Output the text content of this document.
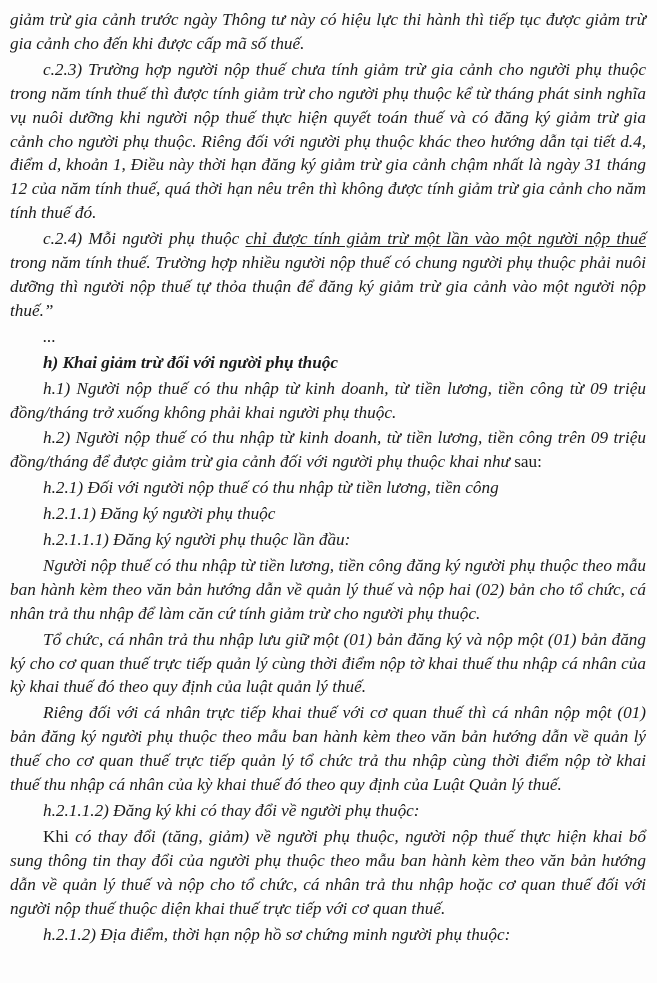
giảm trừ gia cảnh trước ngày Thông tư này có hiệu lực thi hành thì tiếp tục được giảm trừ gia cảnh cho đến khi được cấp mã số thuế.

c.2.3) Trường hợp người nộp thuế chưa tính giảm trừ gia cảnh cho người phụ thuộc trong năm tính thuế thì được tính giảm trừ cho người phụ thuộc kể từ tháng phát sinh nghĩa vụ nuôi dưỡng khi người nộp thuế thực hiện quyết toán thuế và có đăng ký giảm trừ gia cảnh cho người phụ thuộc. Riêng đối với người phụ thuộc khác theo hướng dẫn tại tiết d.4, điểm d, khoản 1, Điều này thời hạn đăng ký giảm trừ gia cảnh chậm nhất là ngày 31 tháng 12 của năm tính thuế, quá thời hạn nêu trên thì không được tính giảm trừ gia cảnh cho năm tính thuế đó.

c.2.4) Mỗi người phụ thuộc chỉ được tính giảm trừ một lần vào một người nộp thuế trong năm tính thuế. Trường hợp nhiều người nộp thuế có chung người phụ thuộc phải nuôi dưỡng thì người nộp thuế tự thỏa thuận để đăng ký giảm trừ gia cảnh vào một người nộp thuế.”

...

h) Khai giảm trừ đối với người phụ thuộc

h.1) Người nộp thuế có thu nhập từ kinh doanh, từ tiền lương, tiền công từ 09 triệu đồng/tháng trở xuống không phải khai người phụ thuộc.

h.2) Người nộp thuế có thu nhập từ kinh doanh, từ tiền lương, tiền công trên 09 triệu đồng/tháng để được giảm trừ gia cảnh đối với người phụ thuộc khai như sau:

h.2.1) Đối với người nộp thuế có thu nhập từ tiền lương, tiền công

h.2.1.1) Đăng ký người phụ thuộc

h.2.1.1.1) Đăng ký người phụ thuộc lần đầu:

Người nộp thuế có thu nhập từ tiền lương, tiền công đăng ký người phụ thuộc theo mẫu ban hành kèm theo văn bản hướng dẫn về quản lý thuế và nộp hai (02) bản cho tổ chức, cá nhân trả thu nhập để làm căn cứ tính giảm trừ cho người phụ thuộc.

Tổ chức, cá nhân trả thu nhập lưu giữ một (01) bản đăng ký và nộp một (01) bản đăng ký cho cơ quan thuế trực tiếp quản lý cùng thời điểm nộp tờ khai thuế thu nhập cá nhân của kỳ khai thuế đó theo quy định của luật quản lý thuế.

Riêng đối với cá nhân trực tiếp khai thuế với cơ quan thuế thì cá nhân nộp một (01) bản đăng ký người phụ thuộc theo mẫu ban hành kèm theo văn bản hướng dẫn về quản lý thuế cho cơ quan thuế trực tiếp quản lý tổ chức trả thu nhập cùng thời điểm nộp tờ khai thuế thu nhập cá nhân của kỳ khai thuế đó theo quy định của Luật Quản lý thuế.

h.2.1.1.2) Đăng ký khi có thay đổi về người phụ thuộc:

Khi có thay đổi (tăng, giảm) về người phụ thuộc, người nộp thuế thực hiện khai bổ sung thông tin thay đổi của người phụ thuộc theo mẫu ban hành kèm theo văn bản hướng dẫn về quản lý thuế và nộp cho tổ chức, cá nhân trả thu nhập hoặc cơ quan thuế đối với người nộp thuế thuộc diện khai thuế trực tiếp với cơ quan thuế.

h.2.1.2) Địa điểm, thời hạn nộp hồ sơ chứng minh người phụ thuộc:
